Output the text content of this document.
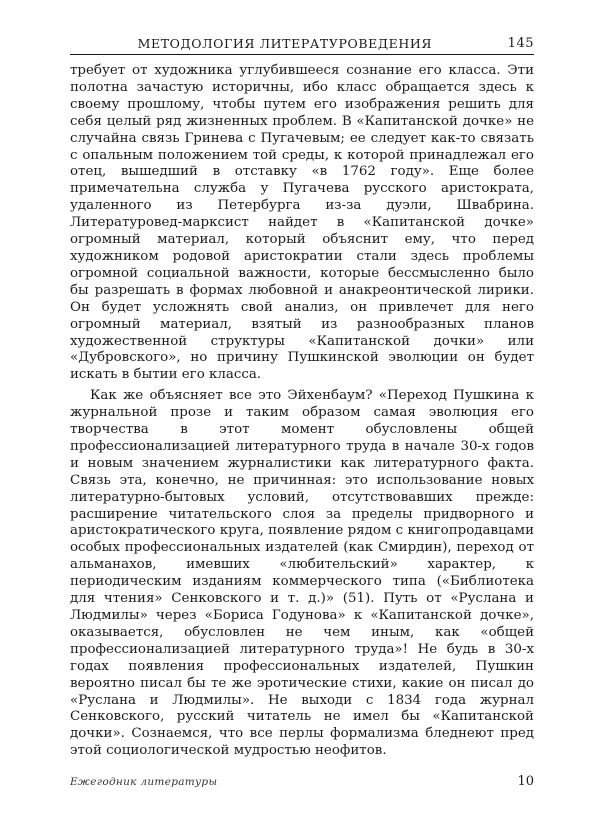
МЕТОДОЛОГИЯ ЛИТЕРАТУРОВЕДЕНИЯ	145

требует от художника углубившееся сознание его класса. Эти полотна зачастую историчны, ибо класс обращается здесь к своему прошлому, чтобы путем его изображения решить для себя целый ряд жизненных проблем. В «Капитанской дочке» не случайна связь Гринева с Пугачевым; ее следует как-то связать с опальным положением той среды, к которой принадлежал его отец, вышедший в отставку «в 1762 году». Еще более примечательна служба у Пугачева русского аристократа, удаленного из Петербурга из-за дуэли, Швабрина. Литературовед-марксист найдет в «Капитанской дочке» огромный материал, который объяснит ему, что перед художником родовой аристократии стали здесь проблемы огромной социальной важности, которые бессмысленно было бы разрешать в формах любовной и анакреонтической лирики. Он будет усложнять свой анализ, он привлечет для него огромный материал, взятый из разнообразных планов художественной структуры «Капитанской дочки» или «Дубровского», но причину Пушкинской эволюции он будет искать в бытии его класса.

Как же объясняет все это Эйхенбаум? «Переход Пушкина к журнальной прозе и таким образом самая эволюция его творчества в этот момент обусловлены общей профессионализацией литературного труда в начале 30-х годов и новым значением журналистики как литературного факта. Связь эта, конечно, не причинная: это использование новых литературно-бытовых условий, отсутствовавших прежде: расширение читательского слоя за пределы придворного и аристократического круга, появление рядом с книгопродавцами особых профессиональных издателей (как Смирдин), переход от альманахов, имевших «любительский» характер, к периодическим изданиям коммерческого типа («Библиотека для чтения» Сенковского и т. д.)» (51). Путь от «Руслана и Людмилы» через «Бориса Годунова» к «Капитанской дочке», оказывается, обусловлен не чем иным, как «общей профессионализацией литературного труда»! Не будь в 30-х годах появления профессиональных издателей, Пушкин вероятно писал бы те же эротические стихи, какие он писал до «Руслана и Людмилы». Не выходи с 1834 года журнал Сенковского, русский читатель не имел бы «Капитанской дочки». Сознаемся, что все перлы формализма бледнеют пред этой социологической мудростью неофитов.

Ежегодник литературы	10
